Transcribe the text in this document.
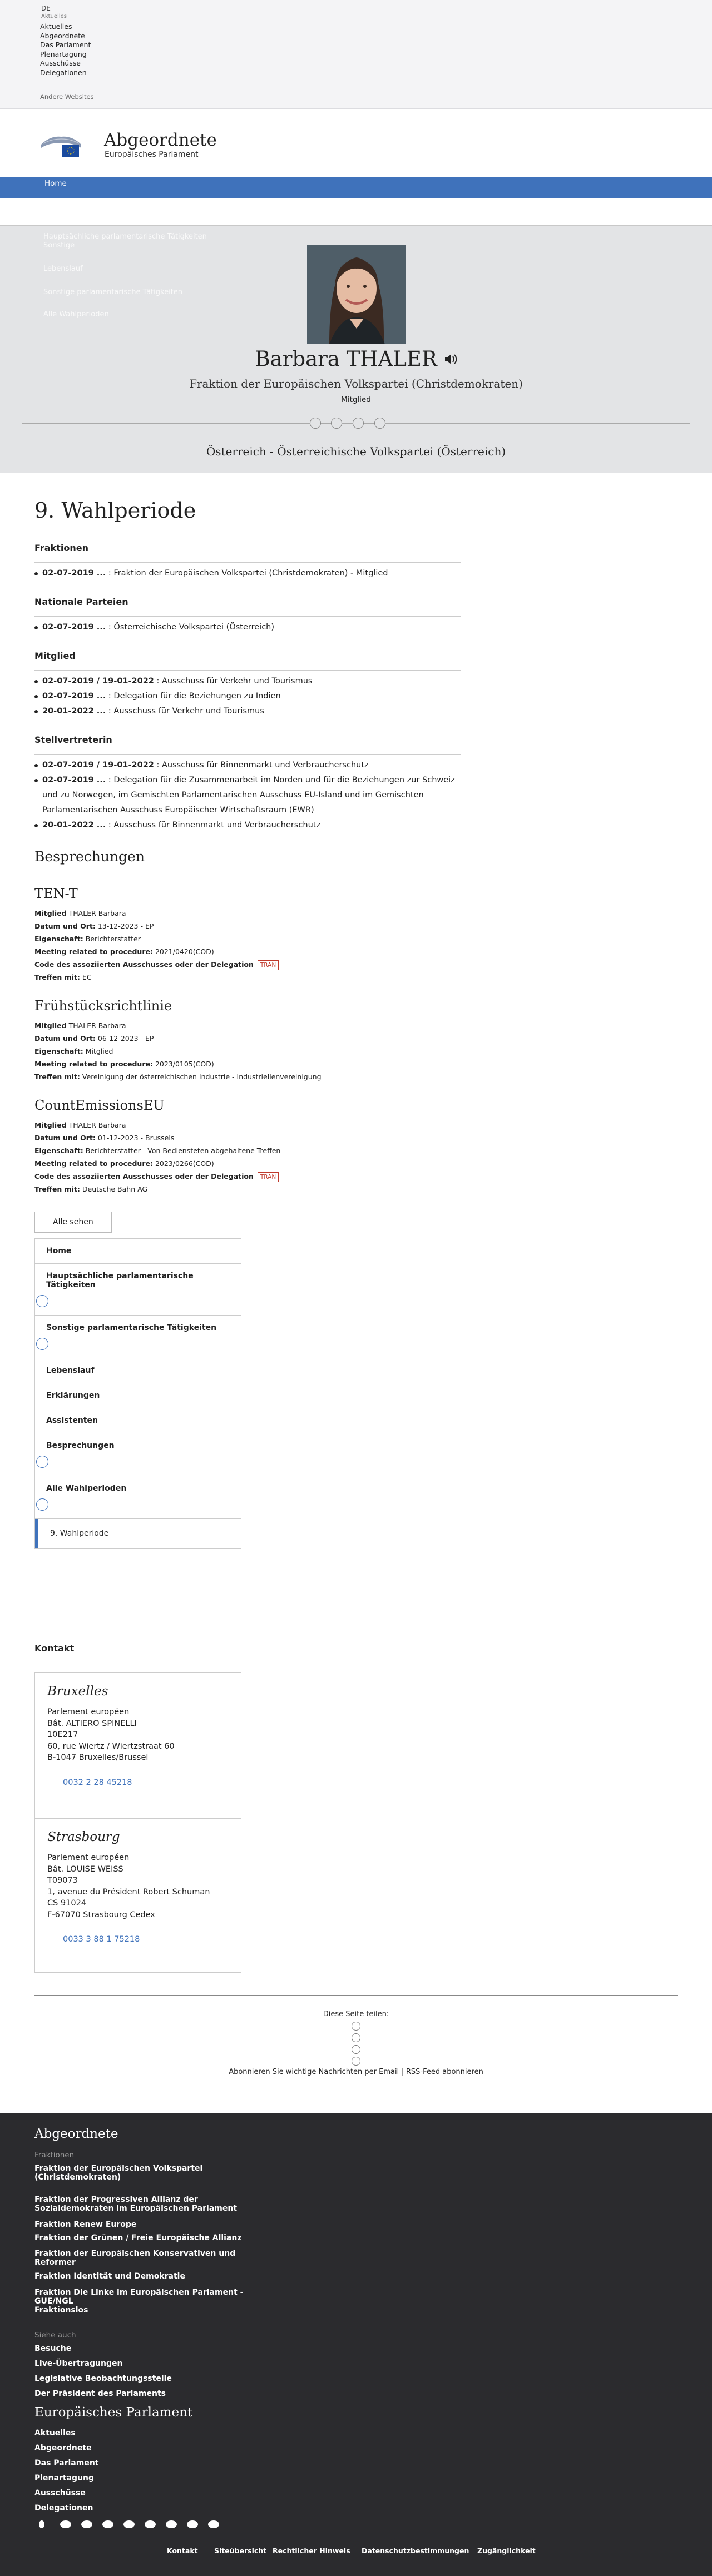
DE
Aktuelles
Aktuelles
Abgeordnete
Das Parlament
Plenartagung
Ausschüsse
Delegationen
Andere Websites
Abgeordnete
Europäisches Parlament
Home
Hauptsächliche parlamentarische Tätigkeiten
Sonstige
Lebenslauf
Sonstige parlamentarische Tätigkeiten
Alle Wahlperioden
Barbara THALER
Fraktion der Europäischen Volkspartei (Christdemokraten)
Mitglied
Österreich - Österreichische Volkspartei (Österreich)
9. Wahlperiode
Fraktionen
02-07-2019 ... : Fraktion der Europäischen Volkspartei (Christdemokraten) - Mitglied
Nationale Parteien
02-07-2019 ... : Österreichische Volkspartei (Österreich)
Mitglied
02-07-2019 / 19-01-2022 : Ausschuss für Verkehr und Tourismus
02-07-2019 ... : Delegation für die Beziehungen zu Indien
20-01-2022 ... : Ausschuss für Verkehr und Tourismus
Stellvertreterin
02-07-2019 / 19-01-2022 : Ausschuss für Binnenmarkt und Verbraucherschutz
02-07-2019 ... : Delegation für die Zusammenarbeit im Norden und für die Beziehungen zur Schweiz und zu Norwegen, im Gemischten Parlamentarischen Ausschuss EU-Island und im Gemischten Parlamentarischen Ausschuss Europäischer Wirtschaftsraum (EWR)
20-01-2022 ... : Ausschuss für Binnenmarkt und Verbraucherschutz
Besprechungen
TEN-T
Mitglied THALER Barbara
Datum und Ort: 13-12-2023 - EP
Eigenschaft: Berichterstatter
Meeting related to procedure: 2021/0420(COD)
Code des assoziierten Ausschusses oder der Delegation TRAN
Treffen mit: EC
Frühstücksrichtlinie
Mitglied THALER Barbara
Datum und Ort: 06-12-2023 - EP
Eigenschaft: Mitglied
Meeting related to procedure: 2023/0105(COD)
Treffen mit: Vereinigung der österreichischen Industrie - Industriellenvereinigung
CountEmissionsEU
Mitglied THALER Barbara
Datum und Ort: 01-12-2023 - Brussels
Eigenschaft: Berichterstatter - Von Bediensteten abgehaltene Treffen
Meeting related to procedure: 2023/0266(COD)
Code des assoziierten Ausschusses oder der Delegation TRAN
Treffen mit: Deutsche Bahn AG
Alle sehen
Home
Hauptsächliche parlamentarische Tätigkeiten
Sonstige parlamentarische Tätigkeiten
Lebenslauf
Erklärungen
Assistenten
Besprechungen
Alle Wahlperioden
9. Wahlperiode
Kontakt
Bruxelles
Parlement européen
Bât. ALTIERO SPINELLI
10E217
60, rue Wiertz / Wiertzstraat 60
B-1047 Bruxelles/Brussel
0032 2 28 45218
Strasbourg
Parlement européen
Bât. LOUISE WEISS
T09073
1, avenue du Président Robert Schuman
CS 91024
F-67070 Strasbourg Cedex
0033 3 88 1 75218
Diese Seite teilen:
Abonnieren Sie wichtige Nachrichten per Email | RSS-Feed abonnieren
Abgeordnete
Fraktionen
Fraktion der Europäischen Volkspartei (Christdemokraten)
Fraktion der Progressiven Allianz der Sozialdemokraten im Europäischen Parlament
Fraktion Renew Europe
Fraktion der Grünen / Freie Europäische Allianz
Fraktion der Europäischen Konservativen und Reformer
Fraktion Identität und Demokratie
Fraktion Die Linke im Europäischen Parlament - GUE/NGL
Fraktionslos
Siehe auch
Besuche
Live-Übertragungen
Legislative Beobachtungsstelle
Der Präsident des Parlaments
Europäisches Parlament
Aktuelles
Abgeordnete
Das Parlament
Plenartagung
Ausschüsse
Delegationen
Kontakt Siteübersicht Rechtlicher Hinweis Datenschutzbestimmungen Zugänglichkeit
